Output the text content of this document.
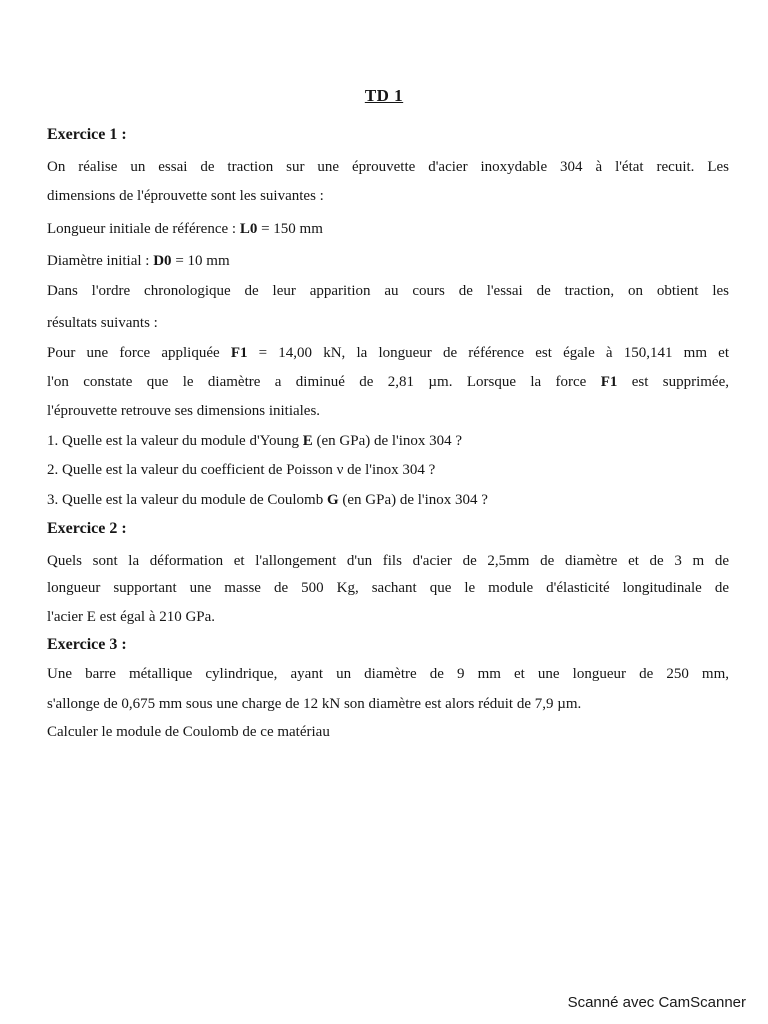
TD 1
Exercice 1 :
On réalise un essai de traction sur une éprouvette d'acier inoxydable 304 à l'état recuit. Les
dimensions de l'éprouvette sont les suivantes :
Longueur initiale de référence : L0 = 150 mm
Diamètre initial : D0 = 10 mm
Dans l'ordre chronologique de leur apparition au cours de l'essai de traction, on obtient les
résultats suivants :
Pour une force appliquée F1 = 14,00 kN, la longueur de référence est égale à 150,141 mm et
l'on constate que le diamètre a diminué de 2,81 µm. Lorsque la force F1 est supprimée,
l'éprouvette retrouve ses dimensions initiales.
1. Quelle est la valeur du module d'Young E (en GPa) de l'inox 304 ?
2. Quelle est la valeur du coefficient de Poisson ν de l'inox 304 ?
3. Quelle est la valeur du module de Coulomb G (en GPa) de l'inox 304 ?
Exercice 2 :
Quels sont la déformation et l'allongement d'un fils d'acier de 2,5mm de diamètre et de 3 m de
longueur supportant une masse de 500 Kg, sachant que le module d'élasticité longitudinale de
l'acier E est égal à 210 GPa.
Exercice 3 :
Une barre métallique cylindrique, ayant un diamètre de 9 mm et une longueur de 250 mm,
s'allonge de 0,675 mm sous une charge de 12 kN son diamètre est alors réduit de 7,9 µm.
Calculer le module de Coulomb de ce matériau
Scanné avec CamScanner
